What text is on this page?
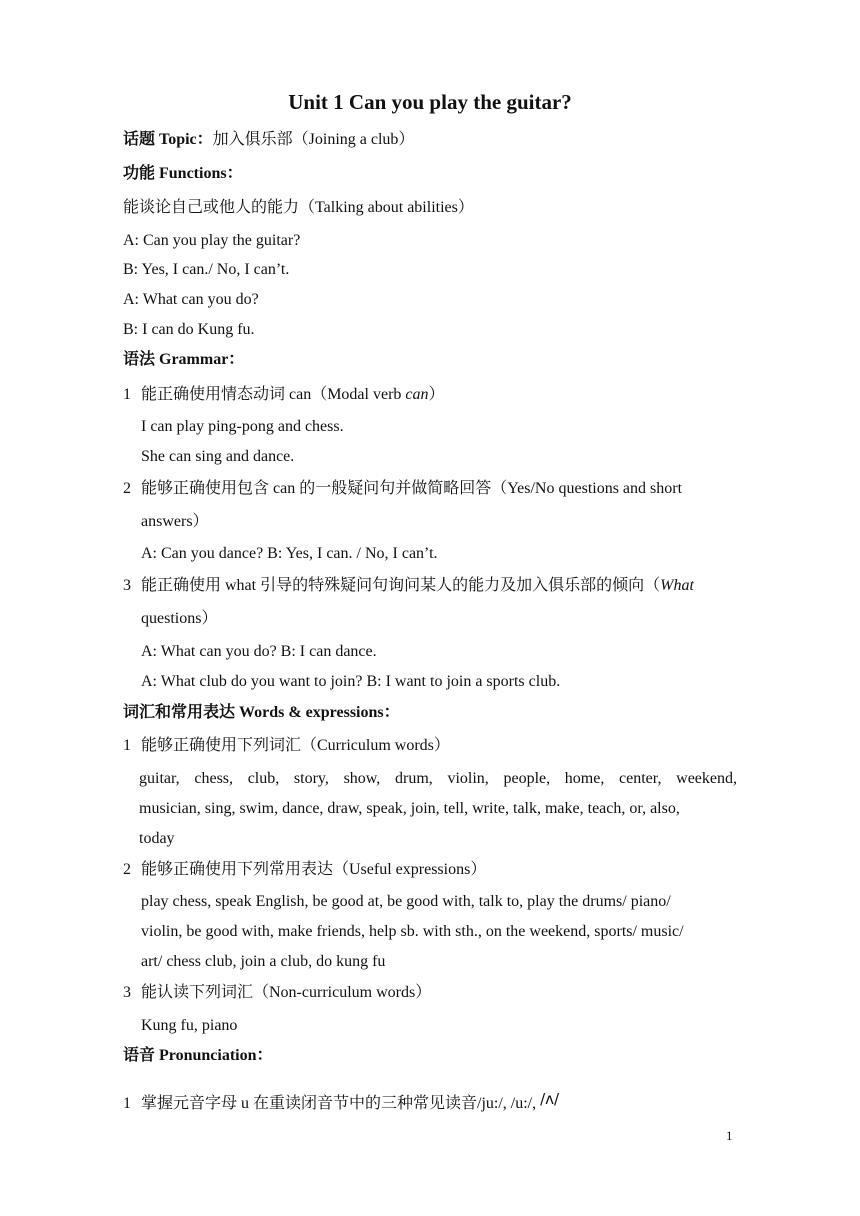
Unit 1 Can you play the guitar?
话题 Topic：加入俱乐部（Joining a club）
功能 Functions：
能谈论自己或他人的能力（Talking about abilities）
A: Can you play the guitar?
B: Yes, I can./ No, I can’t.
A: What can you do?
B: I can do Kung fu.
语法 Grammar：
1 能正确使用情态动词 can（Modal verb can）
I can play ping-pong and chess.
She can sing and dance.
2 能够正确使用包含 can 的一般疑问句并做简略回答（Yes/No questions and short
answers）
A: Can you dance? B: Yes, I can. / No, I can’t.
3 能正确使用 what 引导的特殊疑问句询问某人的能力及加入俱乐部的倾向（What
questions）
A: What can you do? B: I can dance.
A: What club do you want to join? B: I want to join a sports club.
词汇和常用表达 Words & expressions：
1 能够正确使用下列词汇（Curriculum words）
guitar, chess, club, story, show, drum, violin, people, home, center, weekend,
musician, sing, swim, dance, draw, speak, join, tell, write, talk, make, teach, or, also,
today
2 能够正确使用下列常用表达（Useful expressions）
play chess, speak English, be good at, be good with, talk to, play the drums/ piano/
violin, be good with, make friends, help sb. with sth., on the weekend, sports/ music/
art/ chess club, join a club, do kung fu
3 能认读下列词汇（Non-curriculum words）
Kung fu, piano
语音 Pronunciation：
1 掌握元音字母 u 在重读闭音节中的三种常见读音/ju:/, /u:/, /ʌ/
1
